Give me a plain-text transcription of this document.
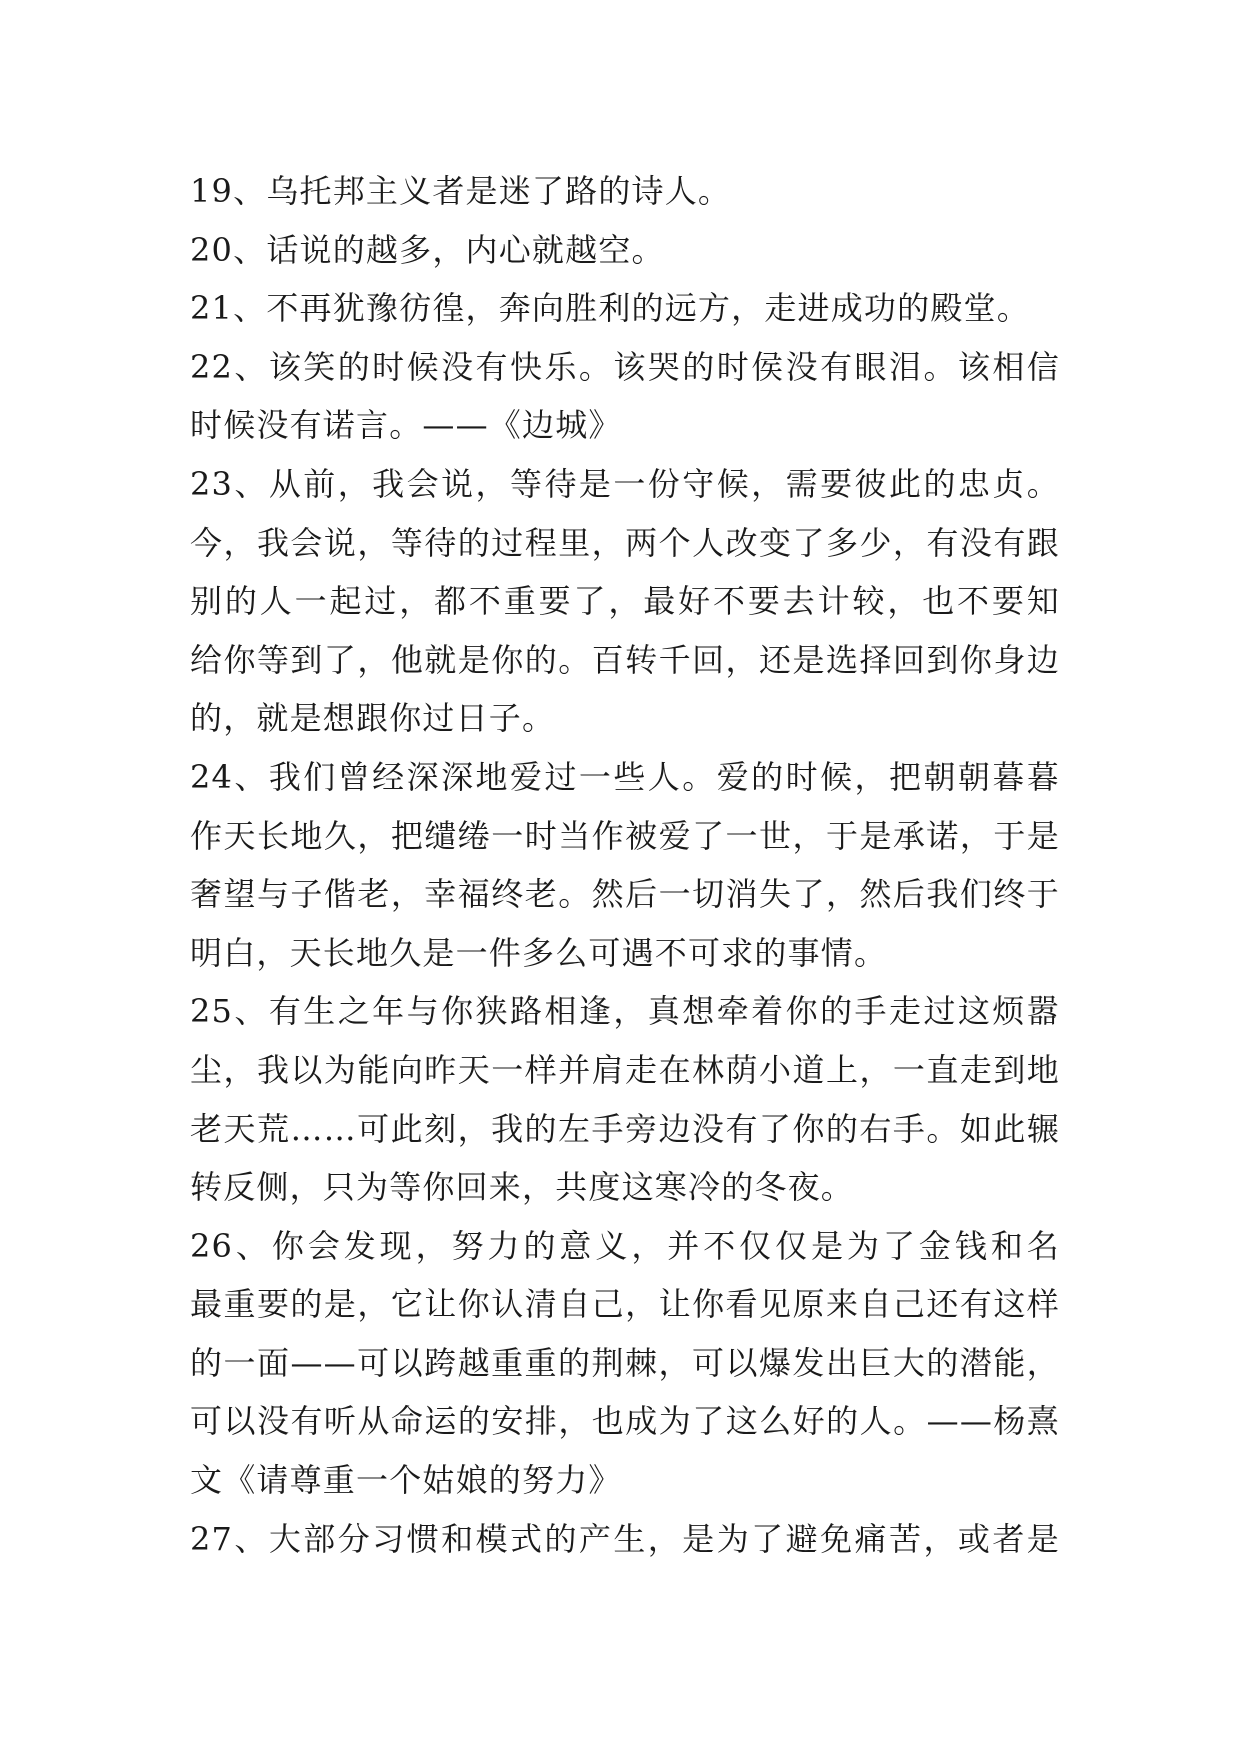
19、乌托邦主义者是迷了路的诗人。
20、话说的越多，内心就越空。
21、不再犹豫彷徨，奔向胜利的远方，走进成功的殿堂。
22、该笑的时候没有快乐。该哭的时侯没有眼泪。该相信
时候没有诺言。——《边城》
23、从前，我会说，等待是一份守候，需要彼此的忠贞。
今，我会说，等待的过程里，两个人改变了多少，有没有跟
别的人一起过，都不重要了，最好不要去计较，也不要知
给你等到了，他就是你的。百转千回，还是选择回到你身边
的，就是想跟你过日子。
24、我们曾经深深地爱过一些人。爱的时候，把朝朝暮暮
作天长地久，把缱绻一时当作被爱了一世，于是承诺，于是
奢望与子偕老，幸福终老。然后一切消失了，然后我们终于
明白，天长地久是一件多么可遇不可求的事情。
25、有生之年与你狭路相逢，真想牵着你的手走过这烦嚣
尘，我以为能向昨天一样并肩走在林荫小道上，一直走到地
老天荒……可此刻，我的左手旁边没有了你的右手。如此辗
转反侧，只为等你回来，共度这寒冷的冬夜。
26、你会发现，努力的意义，并不仅仅是为了金钱和名
最重要的是，它让你认清自己，让你看见原来自己还有这样
的一面——可以跨越重重的荆棘，可以爆发出巨大的潜能，
可以没有听从命运的安排，也成为了这么好的人。——杨熹
文《请尊重一个姑娘的努力》
27、大部分习惯和模式的产生，是为了避免痛苦，或者是
